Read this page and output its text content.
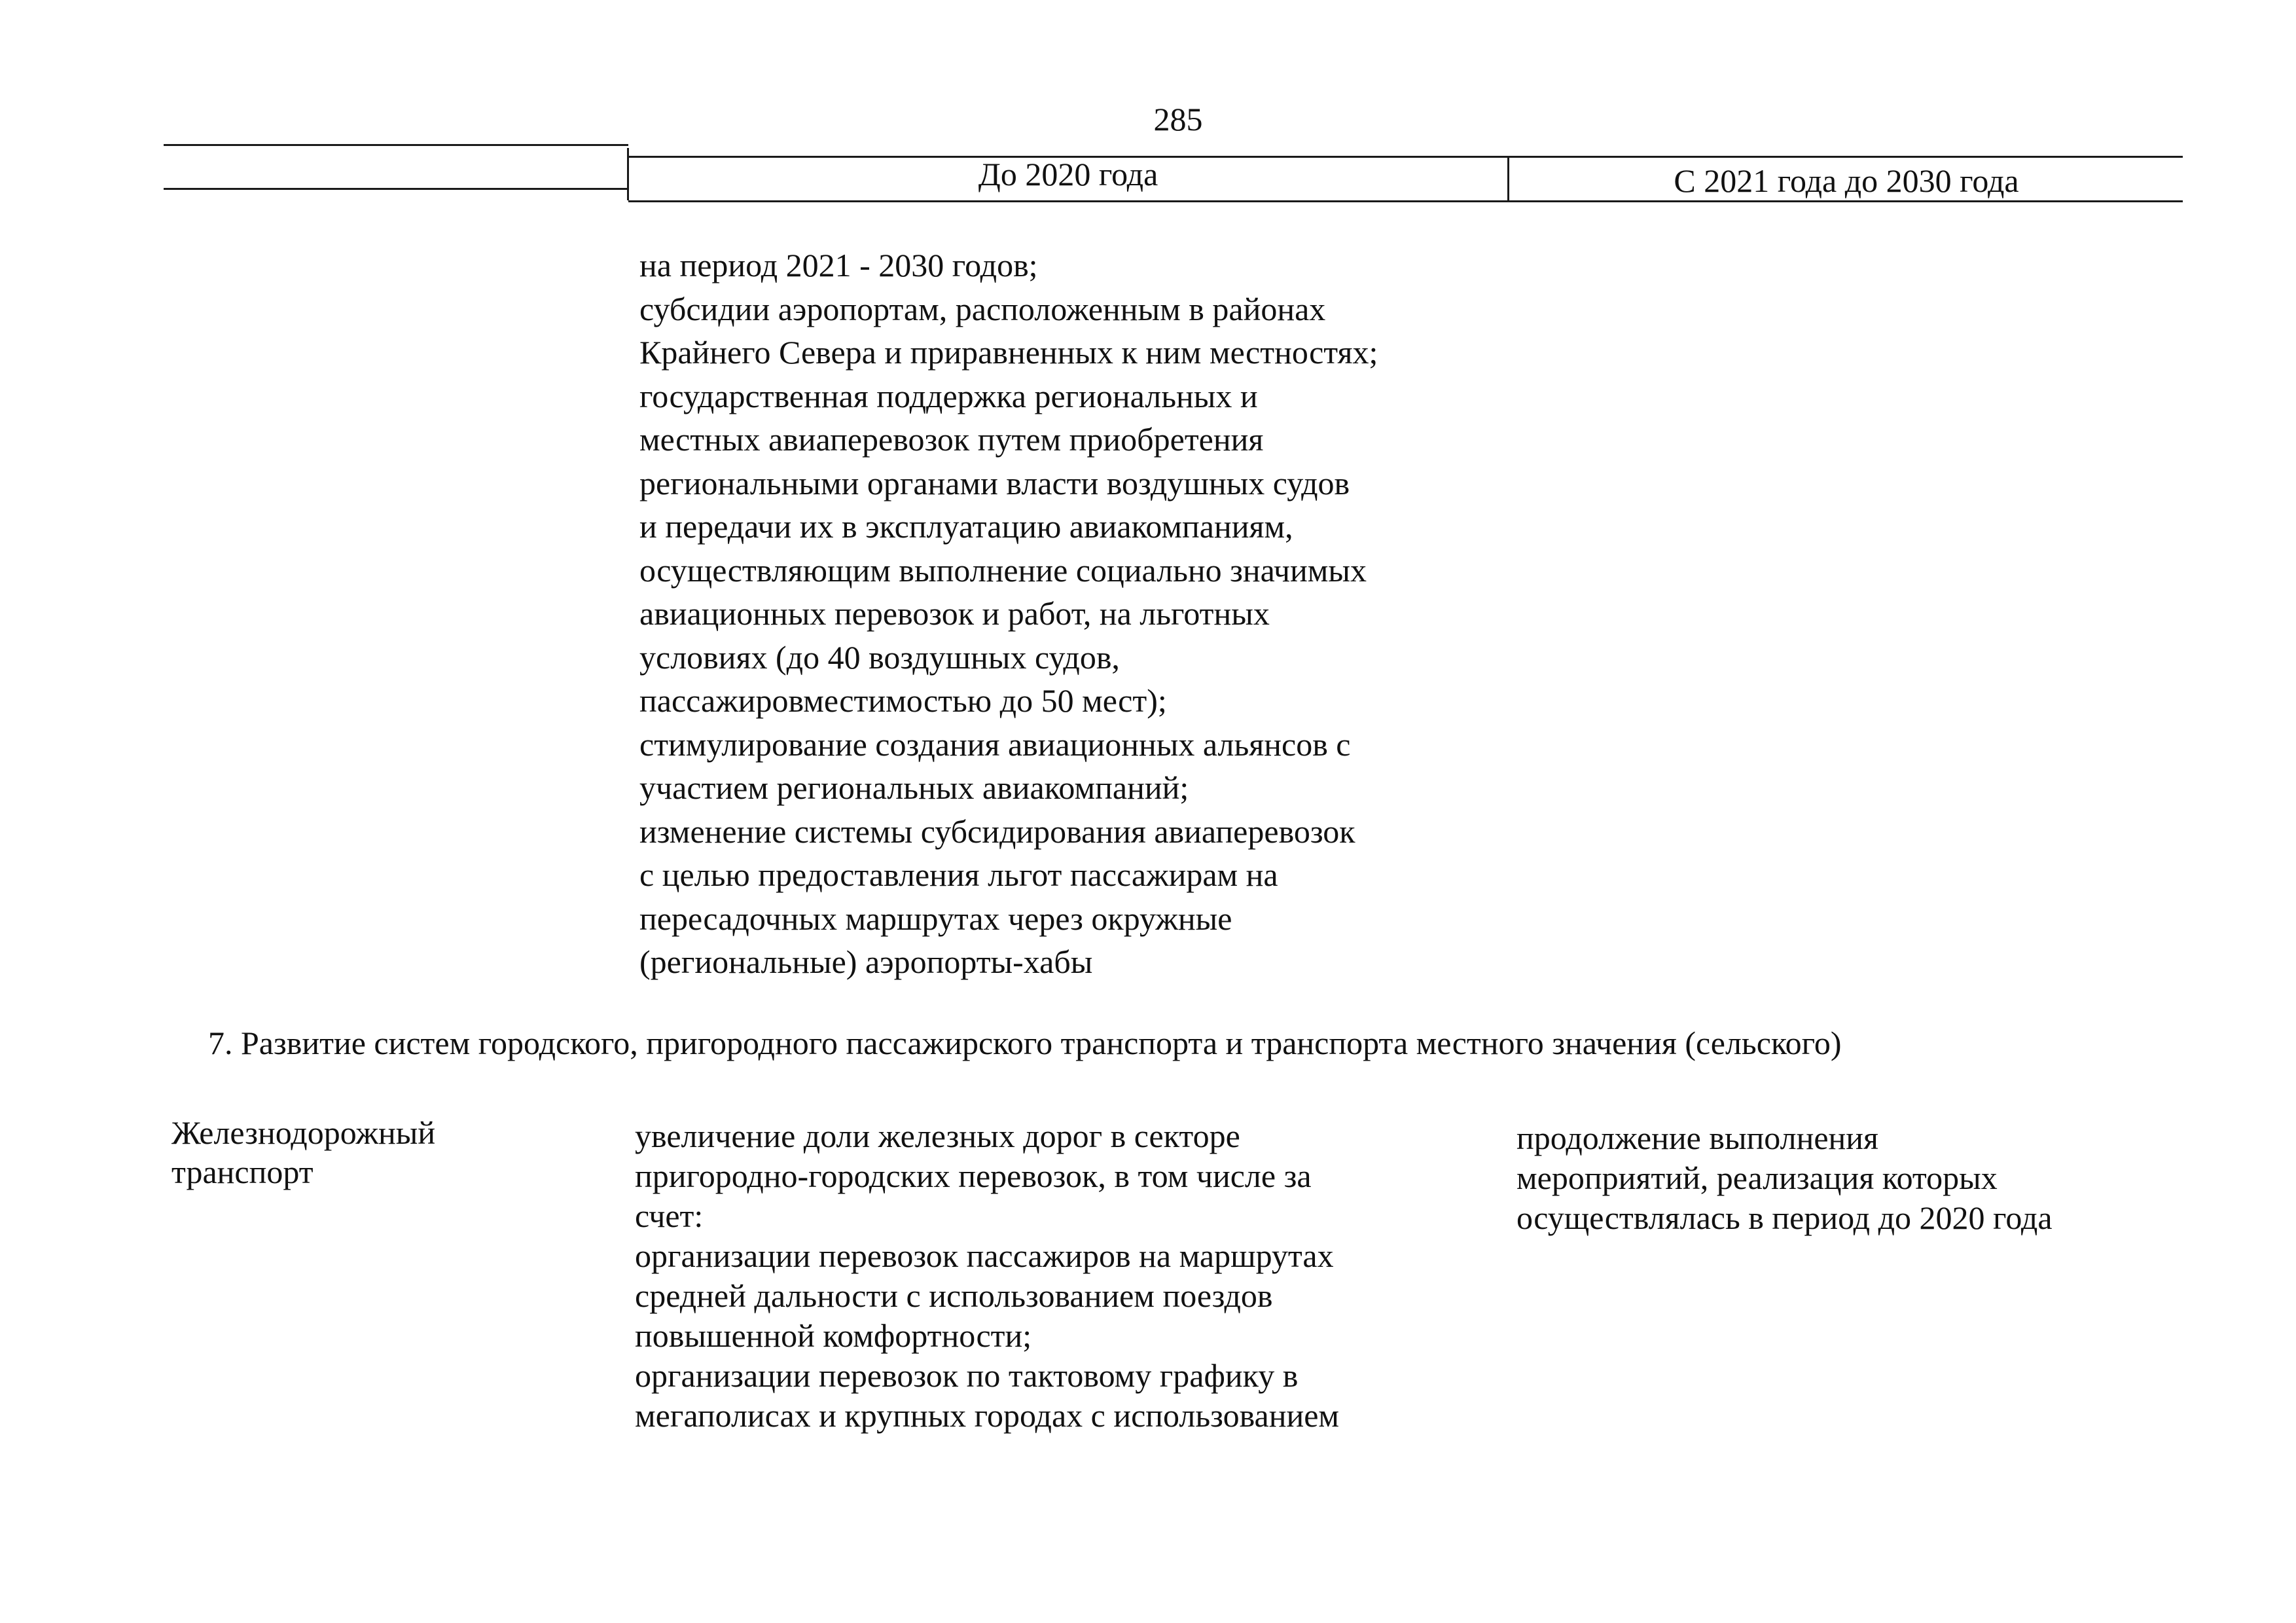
285
До 2020 года	С 2021 года до 2030 года
на период 2021 - 2030 годов;
субсидии аэропортам, расположенным в районах
Крайнего Севера и приравненных к ним местностях;
государственная поддержка региональных и
местных авиаперевозок путем приобретения
региональными органами власти воздушных судов
и передачи их в эксплуатацию авиакомпаниям,
осуществляющим выполнение социально значимых
авиационных перевозок и работ, на льготных
условиях (до 40 воздушных судов,
пассажировместимостью до 50 мест);
стимулирование создания авиационных альянсов с
участием региональных авиакомпаний;
изменение системы субсидирования авиаперевозок
с целью предоставления льгот пассажирам на
пересадочных маршрутах через окружные
(региональные) аэропорты-хабы
7. Развитие систем городского, пригородного пассажирского транспорта и транспорта местного значения (сельского)
Железнодорожный
транспорт
увеличение доли железных дорог в секторе
пригородно-городских перевозок, в том числе за
счет:
организации перевозок пассажиров на маршрутах
средней дальности с использованием поездов
повышенной комфортности;
организации перевозок по тактовому графику в
мегаполисах и крупных городах с использованием
продолжение выполнения
мероприятий, реализация которых
осуществлялась в период до 2020 года
